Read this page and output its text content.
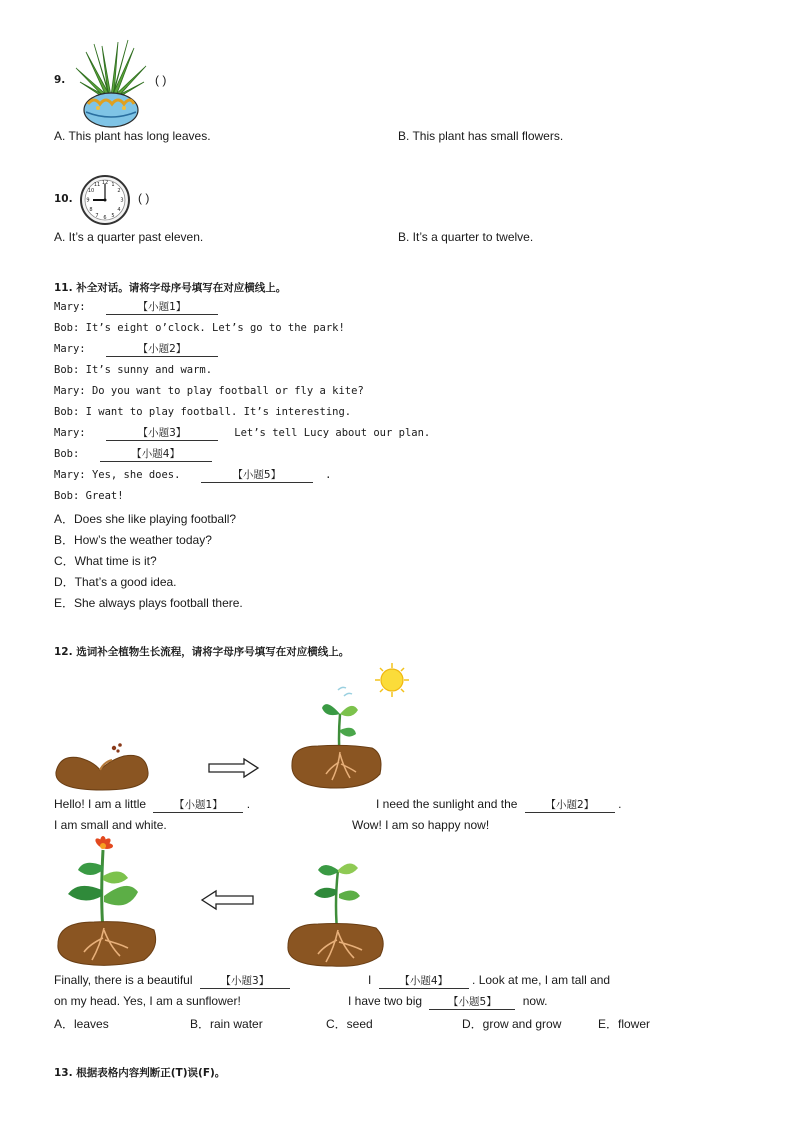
9.	( )
A. This plant has long leaves.	B. This plant has small flowers.
10.
12 1
2
3
4
5
6
7
8
9
10
11
( )
A. It’s a quarter past eleven.	B. It’s a quarter to twelve.
11. 补全对话。请将字母序号填写在对应横线上。
Mary:	【小题1】
Bob: It’s eight o’clock. Let’s go to the park!
Mary:	【小题2】
Bob: It’s sunny and warm.
Mary: Do you want to play football or fly a kite?
Bob: I want to play football. It’s interesting.
Mary:	【小题3】	Let’s tell Lucy about our plan.
Bob:	【小题4】
Mary: Yes, she does.	【小题5】	.
Bob: Great!
A．Does she like playing football?
B．How’s the weather today?
C．What time is it?
D．That’s a good idea.
E．She always plays football there.
12. 选词补全植物生长流程，请将字母序号填写在对应横线上。
Hello! I am a little	【小题1】 .
I am small and white.
I need the sunlight and the	【小题2】 .
Wow! I am so happy now!
Finally, there is a beautiful	【小题3】
on my head. Yes, I am a sunflower!
I	【小题4】 . Look at me, I am tall and
I have two big 【小题5】 now.
A．leaves	B．rain water	C．seed	D．grow and grow	E．flower
13. 根据表格内容判断正(T)误(F)。
